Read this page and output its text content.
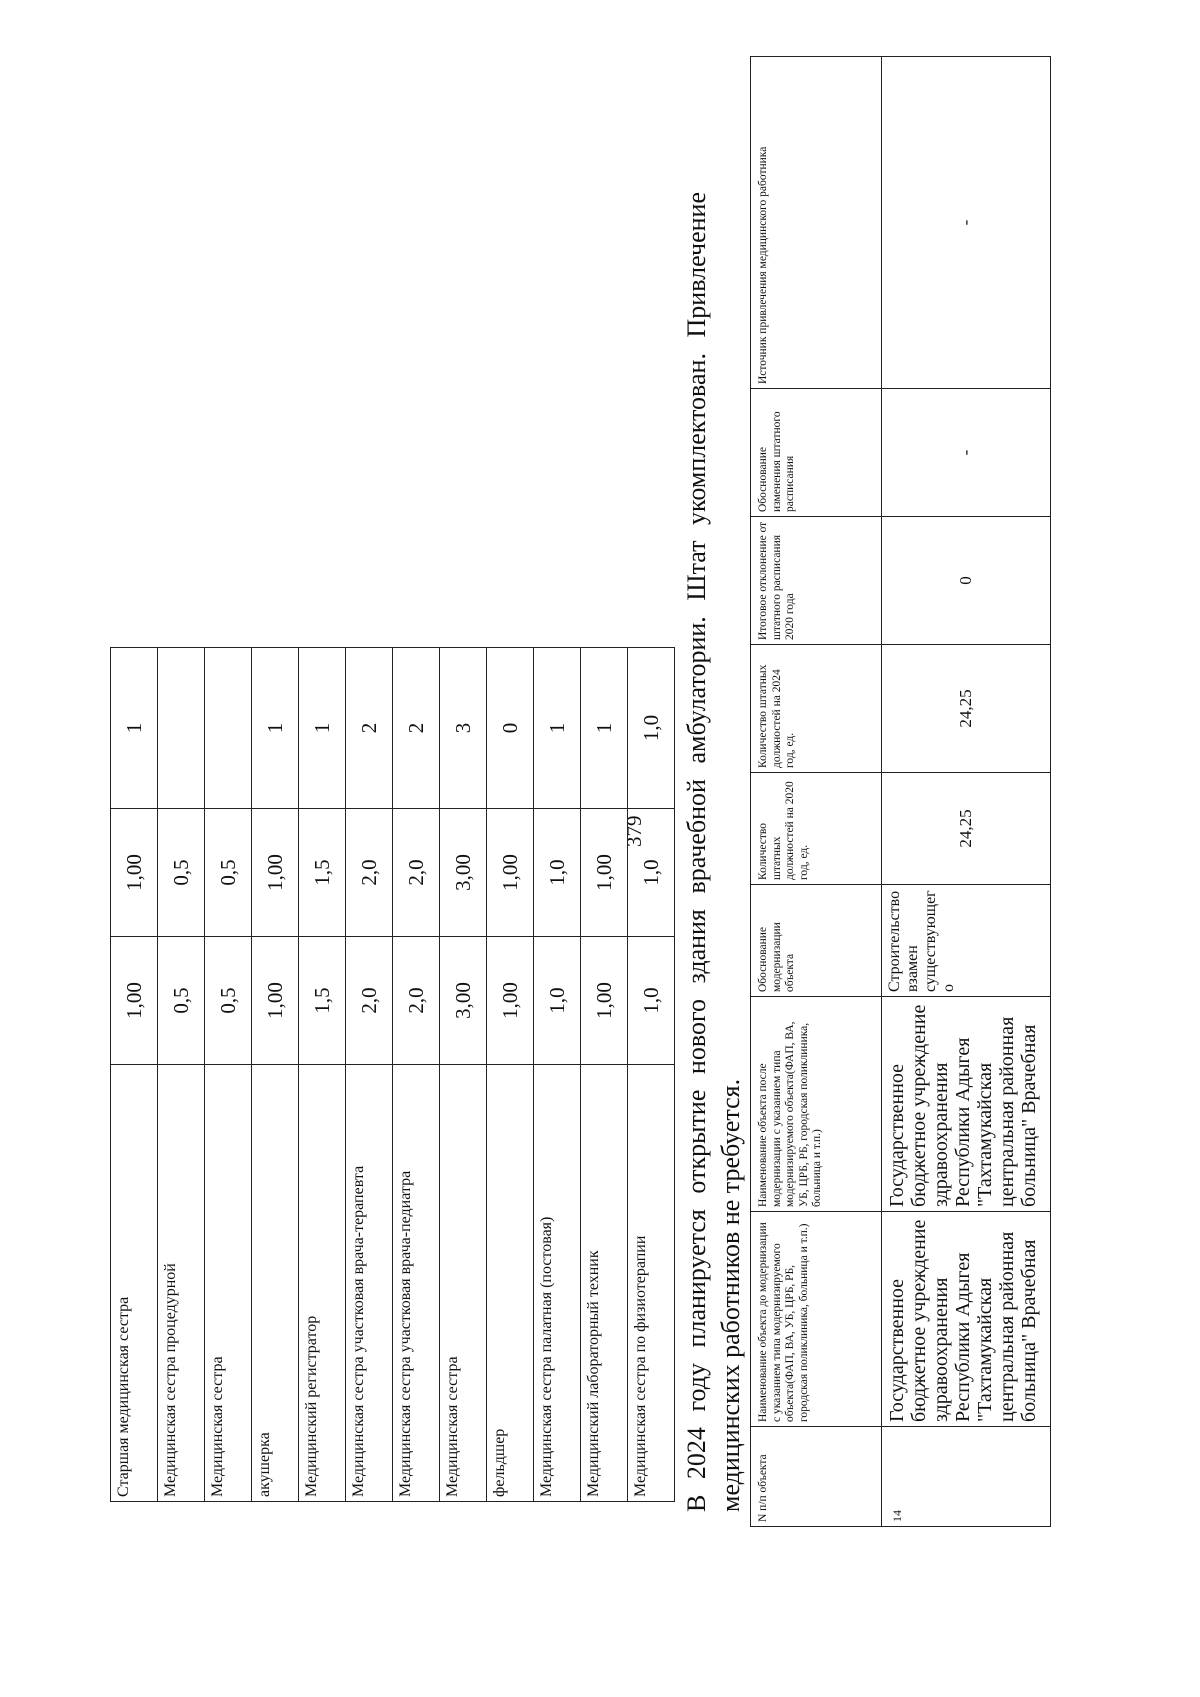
379
Старшая медицинская сестра	1,00	1,00	1
Медицинская сестра процедурной	0,5	0,5	
Медицинская сестра	0,5	0,5	
акушерка	1,00	1,00	1
Медицинский регистратор	1,5	1,5	1
Медицинская сестра участковая врача-терапевта	2,0	2,0	2
Медицинская сестра участковая врача-педиатра	2,0	2,0	2
Медицинская сестра	3,00	3,00	3
фельдшер	1,00	1,00	0
Медицинская сестра палатная (постовая)	1,0	1,0	1
Медицинский лабораторный техник	1,00	1,00	1
Медицинская сестра по физиотерапии	1,0	1,0	1,0 В 2024 году планируется открытие нового здания врачебной амбулатории. Штат укомплектован. Привлечение медицинских работников не требуется. N п/п объекта	Наименование объекта до модернизации с указанием типа модернизируемого объекта(ФАП, ВА, УБ, ЦРБ, РБ, городская поликлиника, больница и т.п.)	Наименование объекта после модернизации с указанием типа модернизируемого объекта(ФАП, ВА, УБ, ЦРБ, РБ, городская поликлиника, больница и т.п.)	Обоснование модернизации объекта	Количество штатных должностей на 2020 год, ед.	Количество штатных должностей на 2024 год, ед.	Итоговое отклонение от штатного расписания 2020 года	Обоснование изменения штатного расписания	Источник привлечения медицинского работника
14	Государственное бюджетное учреждение здравоохранения Республики Адыгея "Тахтамукайская центральная районная больница" Врачебная	Государственное бюджетное учреждение здравоохранения Республики Адыгея "Тахтамукайская центральная районная больница" Врачебная	Строительство взамен существующег о	24,25	24,25	0	-	-
